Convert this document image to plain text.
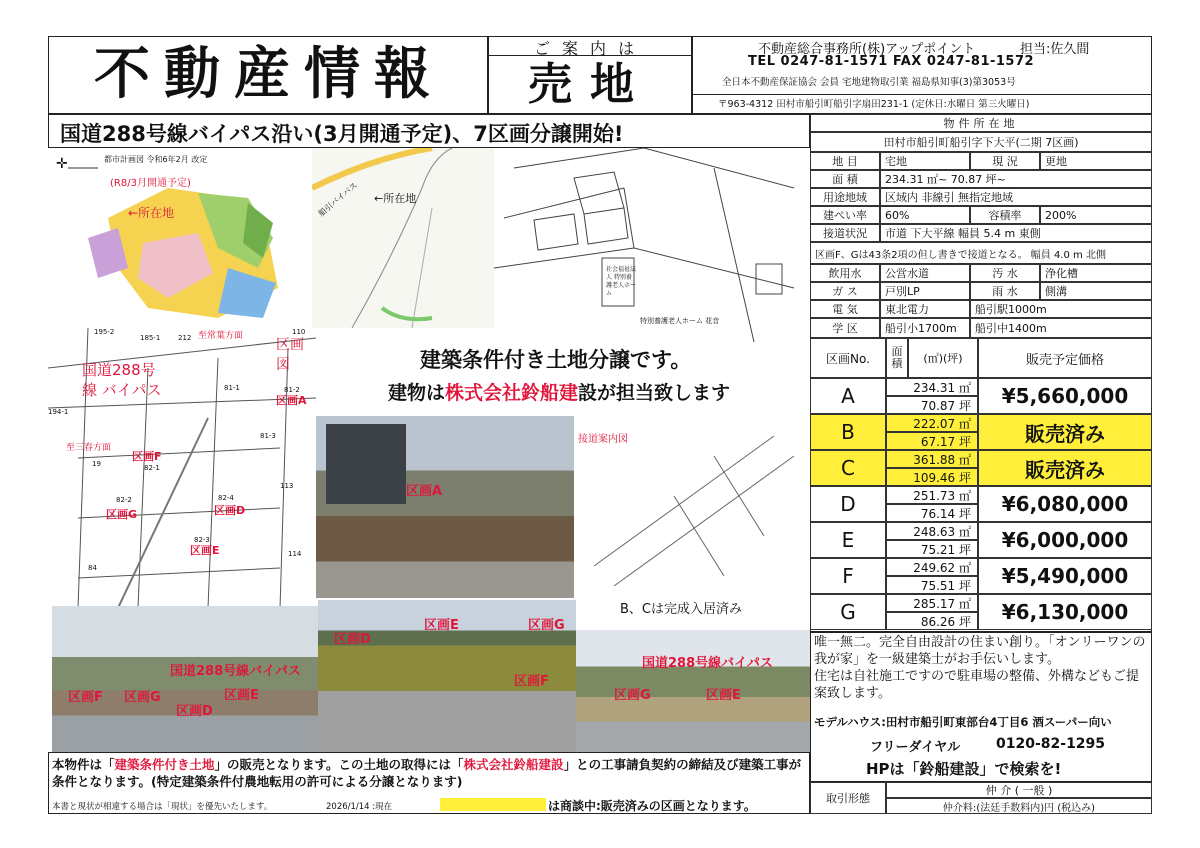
不動産情報	ご案内は
売地
不動産総合事務所(株)アップポイント	担当:佐久間
TEL 0247-81-1571 FAX 0247-81-1572
全日本不動産保証協会 会員 宅地建物取引業 福島県知事(3)第3053号
〒963-4312 田村市船引町船引字扇田231-1 (定休日:水曜日 第三火曜日)
国道288号線バイパス沿い(3月開通予定)、7区画分譲開始!
都市計画図 令和6年2月 改定
(R8/3月開通予定)
←所在地
✛
船引バイパス ←所在地
社会福祉法人 特別養護老人ホーム
特別養護老人ホーム 花音
区画図
国道288号線 バイパス
至常葉方面
至三春方面
195-2
185-1	212
110
81-1	81-2
194-1
81-3
82-1
113
82-2	82-4
82-3
114
84
19
区画A
区画F
区画G	区画D
区画E
建築条件付き土地分譲です。
建物は株式会社鈴船建設が担当致します
区画A
接道案内図
B、Cは完成入居済み
国道288号線バイパス
区画F 区画G
区画D
区画E
区画D
区画E	区画G
区画F
国道288号線バイパス
区画G	区画E
物件所在地
田村市船引町船引字下大平(二期 7区画)
地 目	宅地	現 況	更地
面 積	234.31 ㎡~ 70.87 坪~
用途地域	区域内 非線引 無指定地域
建ぺい率	60%	容積率	200%
接道状況	市道 下大平線 幅員 5.4 m 東側
区画F、Gは43条2項の但し書きで接道となる。 幅員 4.0 m 北側
飲用水	公営水道	汚 水	浄化槽
ガ ス	戸別LP	雨 水	側溝
電 気	東北電力	船引駅1000m
学 区	船引小1700m	船引中1400m
区画No.	面積	(㎡)(坪)	販売予定価格
A	234.31 ㎡
70.87 坪	¥5,660,000
B	222.07 ㎡
67.17 坪	販売済み
C	361.88 ㎡
109.46 坪	販売済み
D	251.73 ㎡
76.14 坪	¥6,080,000
E	248.63 ㎡
75.21 坪	¥6,000,000
F	249.62 ㎡
75.51 坪	¥5,490,000
G	285.17 ㎡
86.26 坪	¥6,130,000
唯一無二。完全自由設計の住まい創り。「オンリーワンの我が家」を一級建築士がお手伝いします。
住宅は自社施工ですので駐車場の整備、外構などもご提案致します。
モデルハウス:田村市船引町東部台4丁目6 酒スーパー向い
フリーダイヤル	0120-82-1295
HPは「鈴船建設」で検索を!
取引形態
仲 介 ( 一般 )
仲介料:(法廷手数料内)円 (税込み)
本物件は「建築条件付き土地」の販売となります。この土地の取得には「株式会社鈴船建設」との工事請負契約の締結及び建築工事が条件となります。(特定建築条件付農地転用の許可による分譲となります)
本書と現状が相違する場合は「現状」を優先いたします。	2026/1/14 :現在	は商談中:販売済みの区画となります。
